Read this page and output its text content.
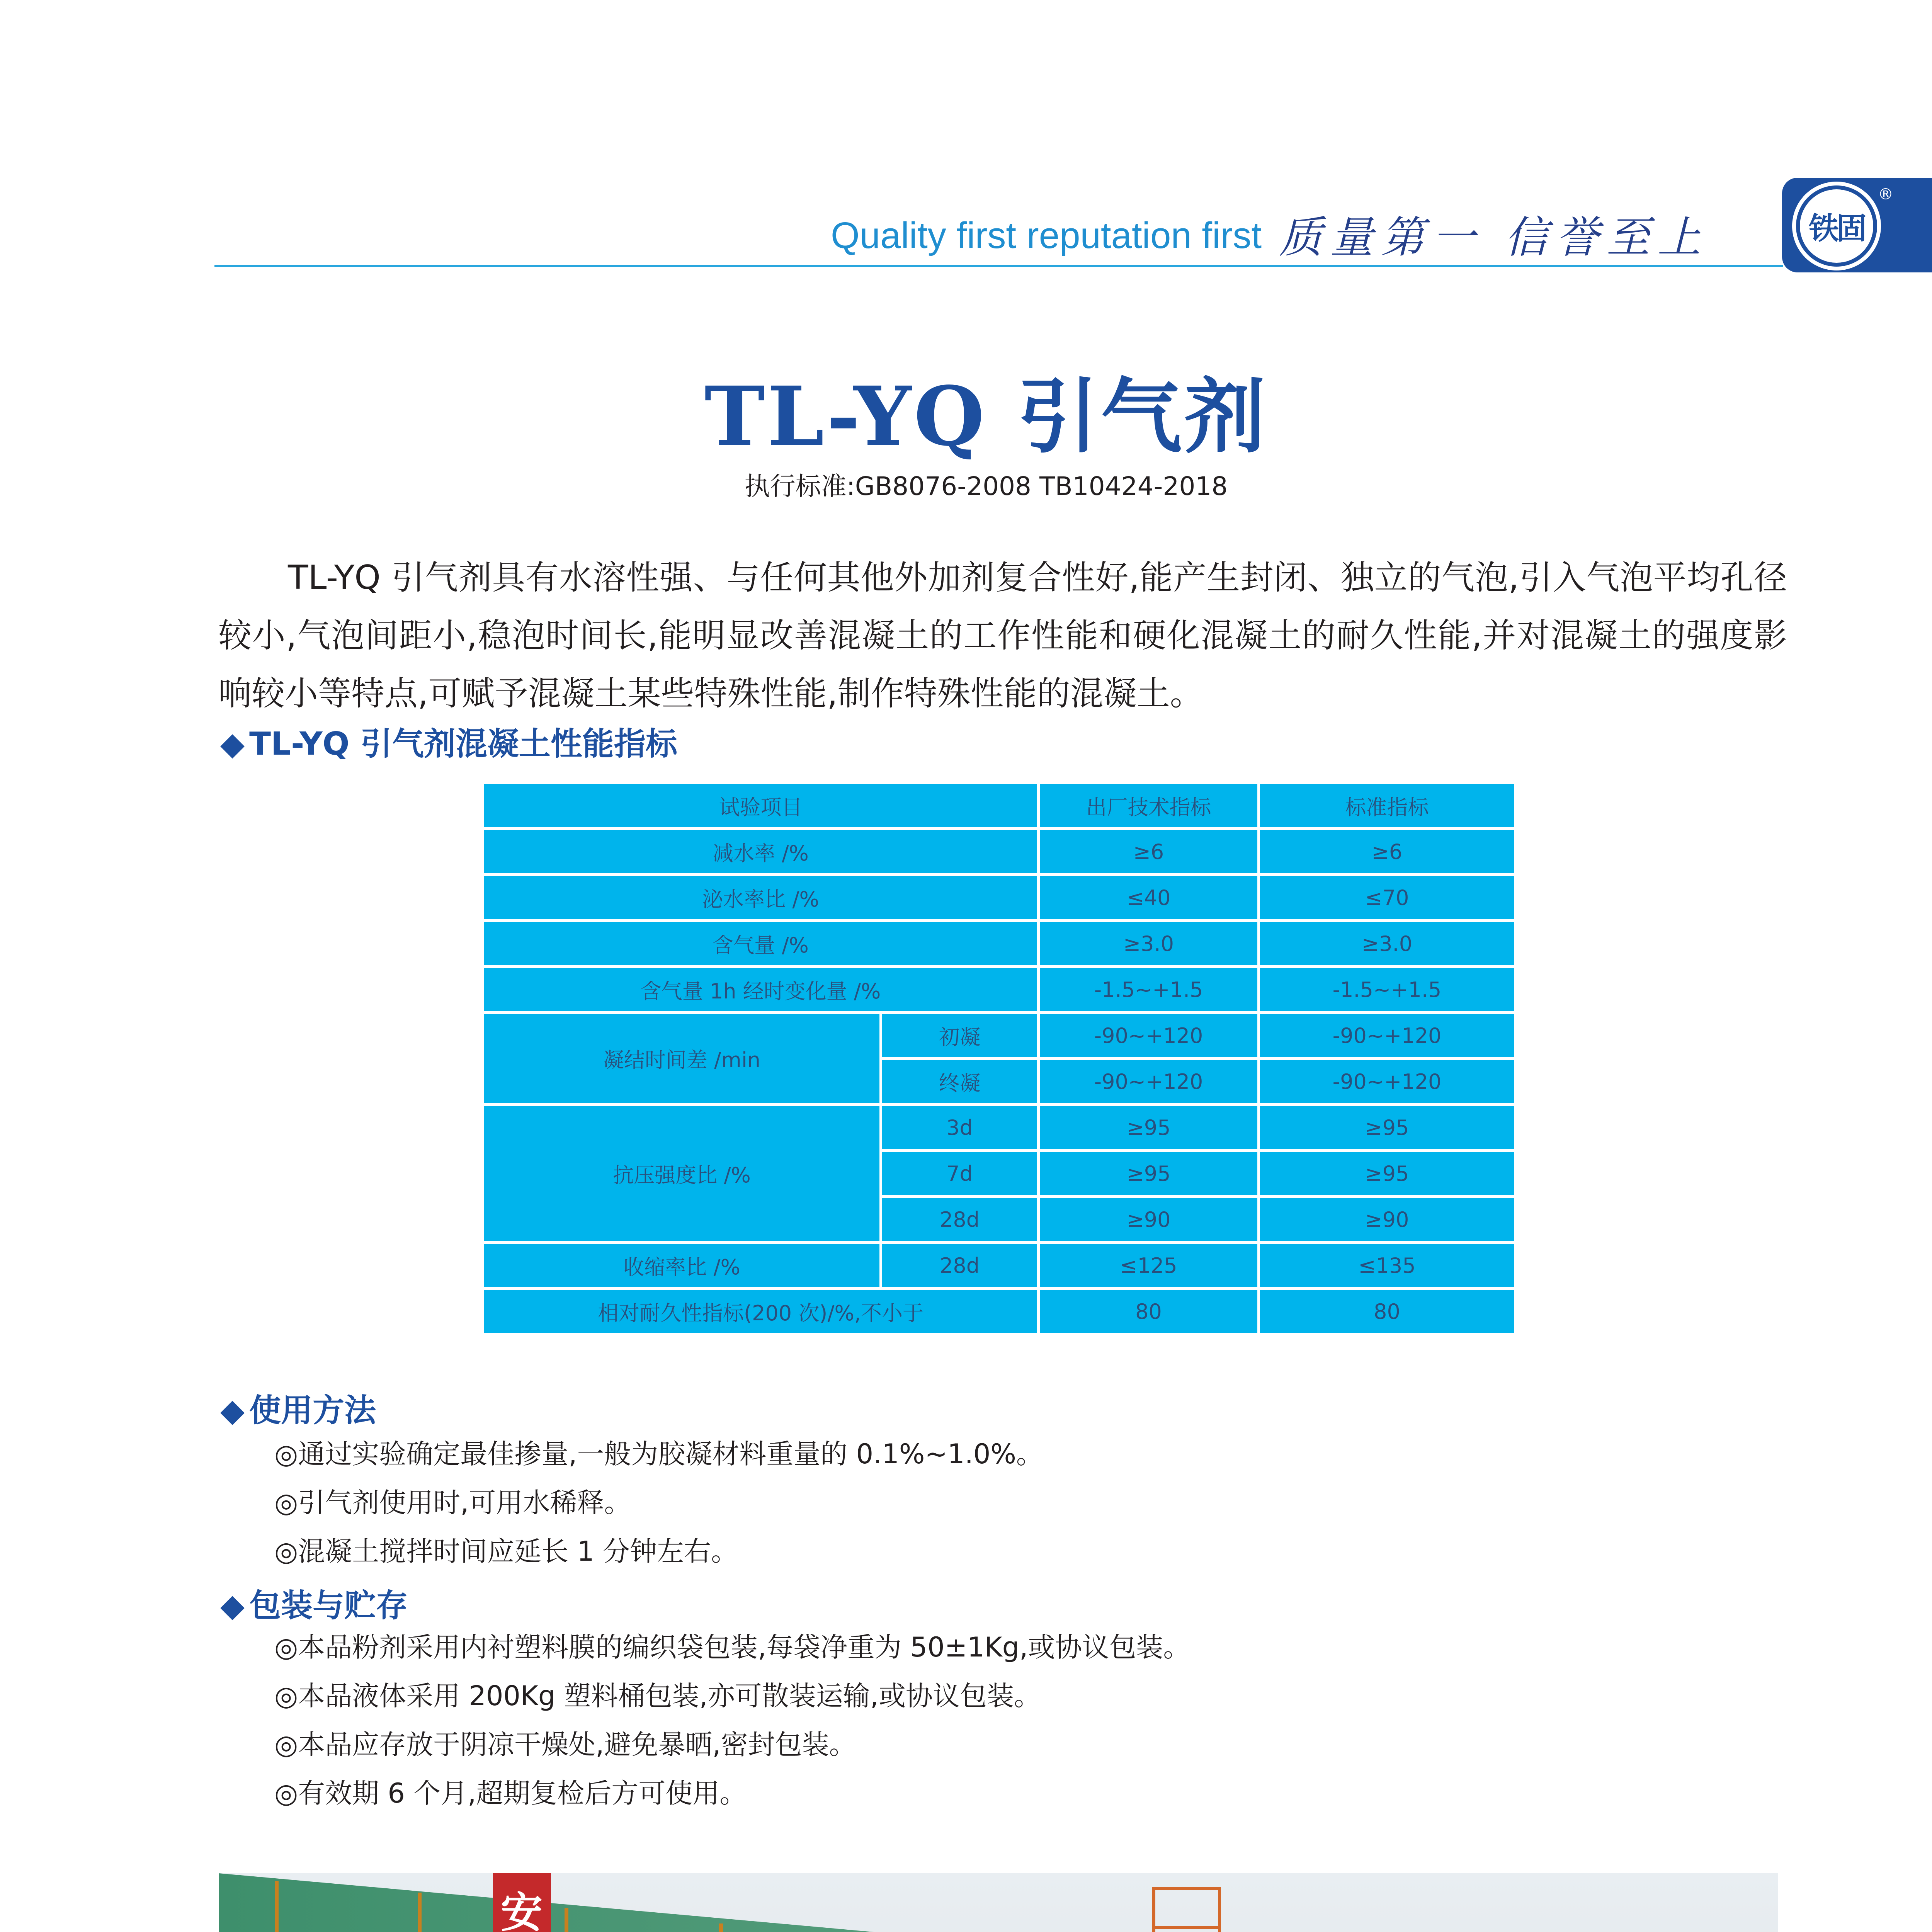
Quality first reputation first 质量第一 信誉至上	铁固
®
TL-YQ 引气剂
执行标准:GB8076-2008 TB10424-2018
TL-YQ 引气剂具有水溶性强、与任何其他外加剂复合性好,能产生封闭、独立的气泡,引入气泡平均孔径较小,气泡间距小,稳泡时间长,能明显改善混凝土的工作性能和硬化混凝土的耐久性能,并对混凝土的强度影响较小等特点,可赋予混凝土某些特殊性能,制作特殊性能的混凝土。
◆ TL-YQ 引气剂混凝土性能指标
试验项目		出厂技术指标	标准指标
减水率 /%		≥6	≥6
泌水率比 /%		≤40	≤70
含气量 /%		≥3.0	≥3.0
含气量 1h 经时变化量 /%		-1.5~+1.5	-1.5~+1.5
凝结时间差 /min	初凝	-90~+120	-90~+120
	终凝	-90~+120	-90~+120
抗压强度比 /%	3d	≥95	≥95
	7d	≥95	≥95
	28d	≥90	≥90
收缩率比 /%	28d	≤125	≤135
相对耐久性指标(200 次)/%,不小于		80	80
◆ 使用方法
◎通过实验确定最佳掺量,一般为胶凝材料重量的 0.1%~1.0%。
◎引气剂使用时,可用水稀释。
◎混凝土搅拌时间应延长 1 分钟左右。
◆ 包装与贮存
◎本品粉剂采用内衬塑料膜的编织袋包装,每袋净重为 50±1Kg,或协议包装。
◎本品液体采用 200Kg 塑料桶包装,亦可散装运输,或协议包装。
◎本品应存放于阴凉干燥处,避免暴晒,密封包装。
◎有效期 6 个月,超期复检后方可使用。
安
